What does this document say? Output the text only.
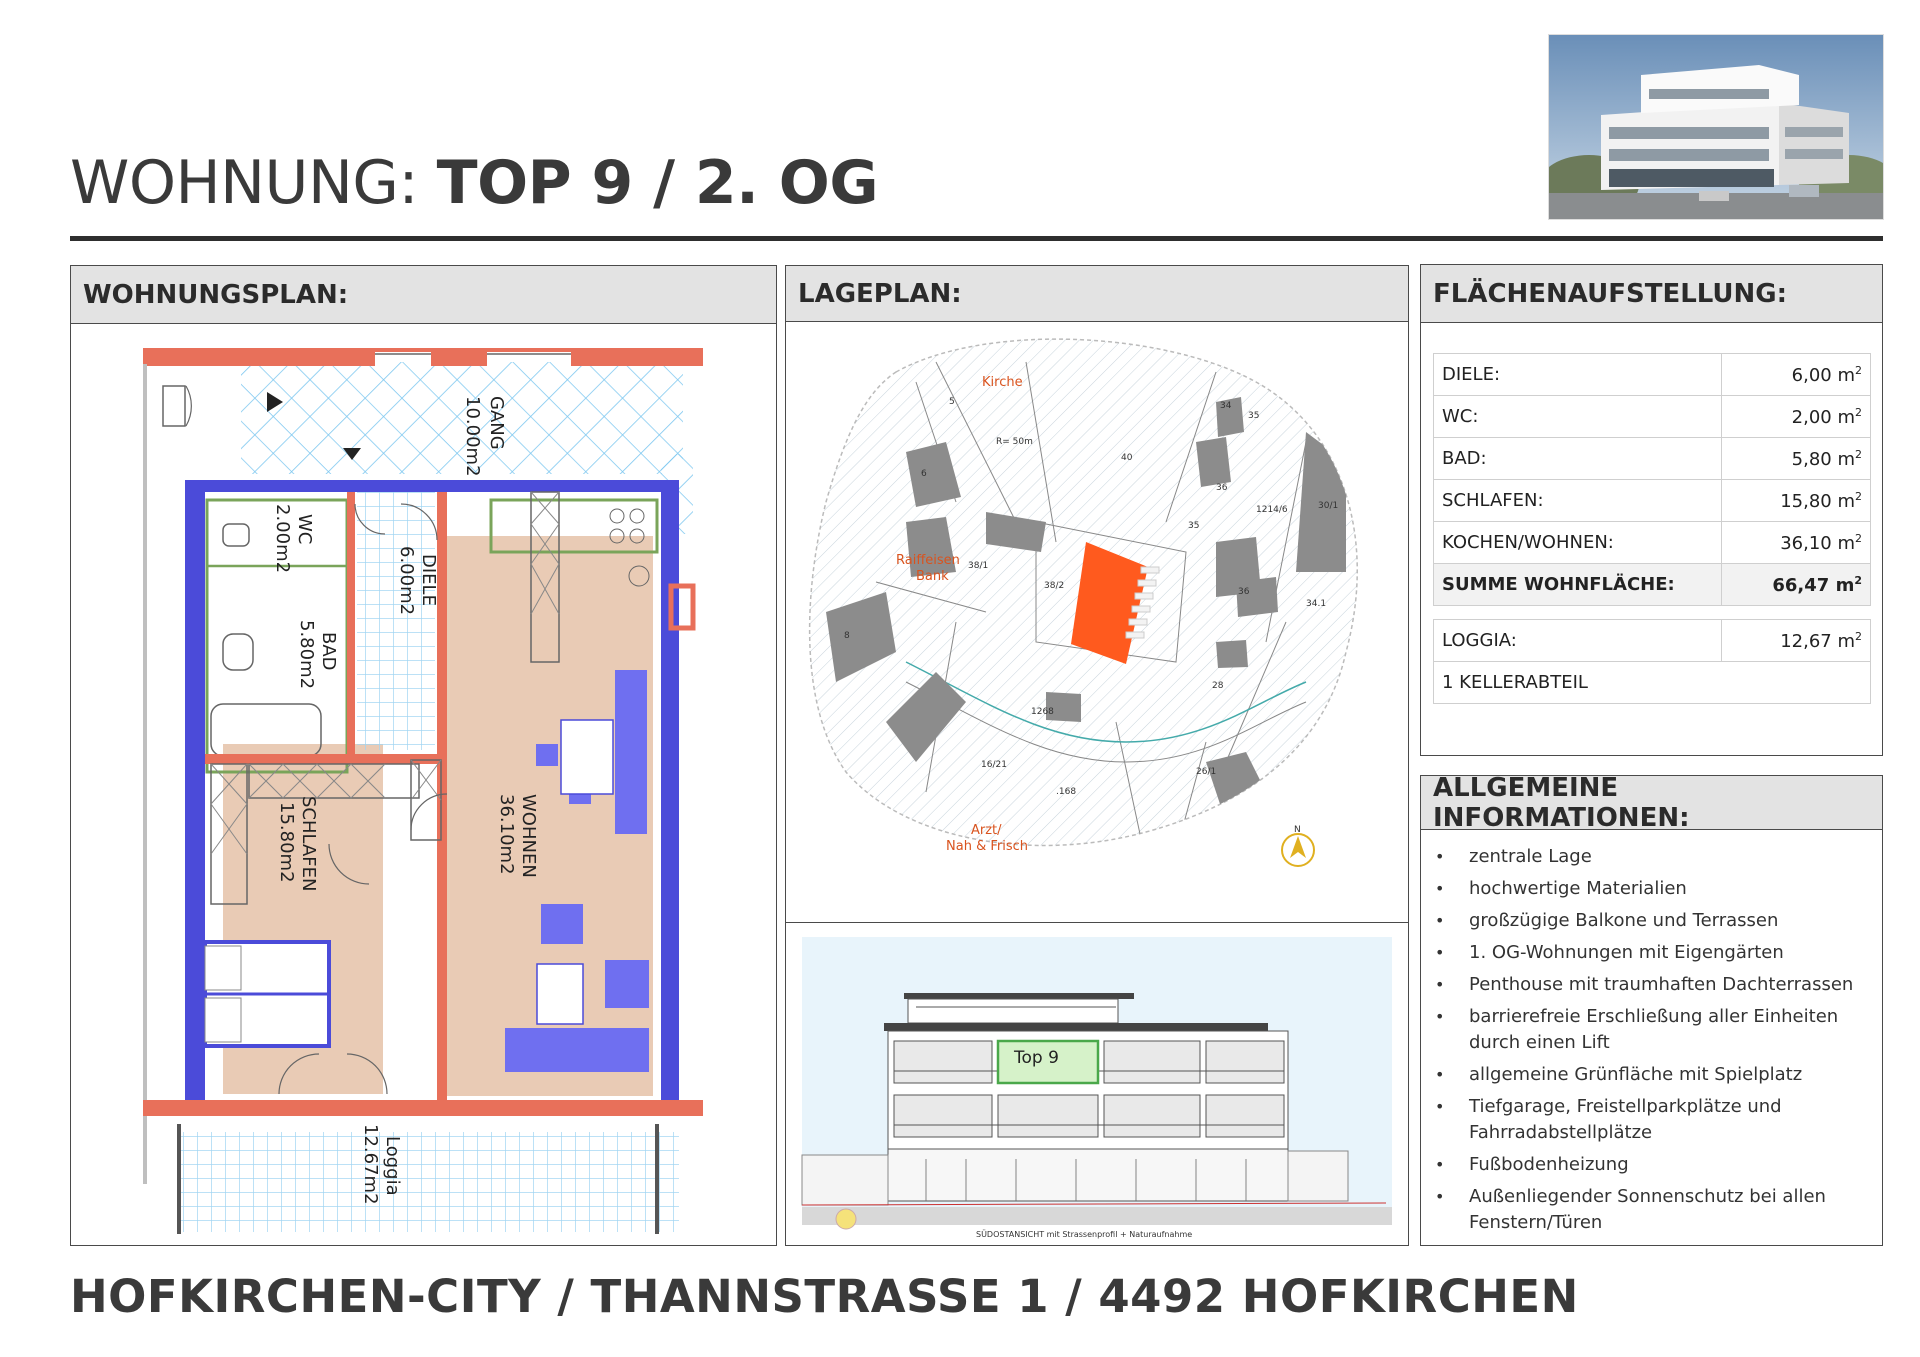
WOHNUNG: TOP 9 / 2. OG
WOHNUNGSPLAN:
GANG
10.00m2
WC
2.00m2
DIELE
6.00m2
BAD
5.80m2
SCHLAFEN
15.80m2	WOHNEN
36.10m2
Loggia
12.67m2
LAGEPLAN:
Kirche
Raiffeisen
Bank
Arzt/
Nah & Frisch
5
6
8
40
34
35
35
36
38/1
38/2
1214/6	30/1
34.1
36
28
1268
16/21
.168
26/1
R= 50m
N
Top 9
SÜDOSTANSICHT mit Strassenprofil + Naturaufnahme
FLÄCHENAUFSTELLUNG:
DIELE:	6,00 $m^2$
WC:	2,00 $m^2$
BAD:	5,80 $m^2$
SCHLAFEN:	15,80 $m^2$
KOCHEN/WOHNEN:	36,10 $m^2$
SUMME WOHNFLÄCHE:	66,47 $m^2$
LOGGIA:	12,67 $m^2$
1 KELLERABTEIL
ALLGEMEINE INFORMATIONEN:
• zentrale Lage
• hochwertige Materialien
• großzügige Balkone und Terrassen
• 1. OG-Wohnungen mit Eigengärten
• Penthouse mit traumhaften Dachterrassen
• barrierefreie Erschließung aller Einheiten durch einen Lift
• allgemeine Grünfläche mit Spielplatz
• Tiefgarage, Freistellparkplätze und Fahrradabstellplätze
• Fußbodenheizung
• Außenliegender Sonnenschutz bei allen Fenstern/Türen
HOFKIRCHEN-CITY / THANNSTRASSE 1 / 4492 HOFKIRCHEN
